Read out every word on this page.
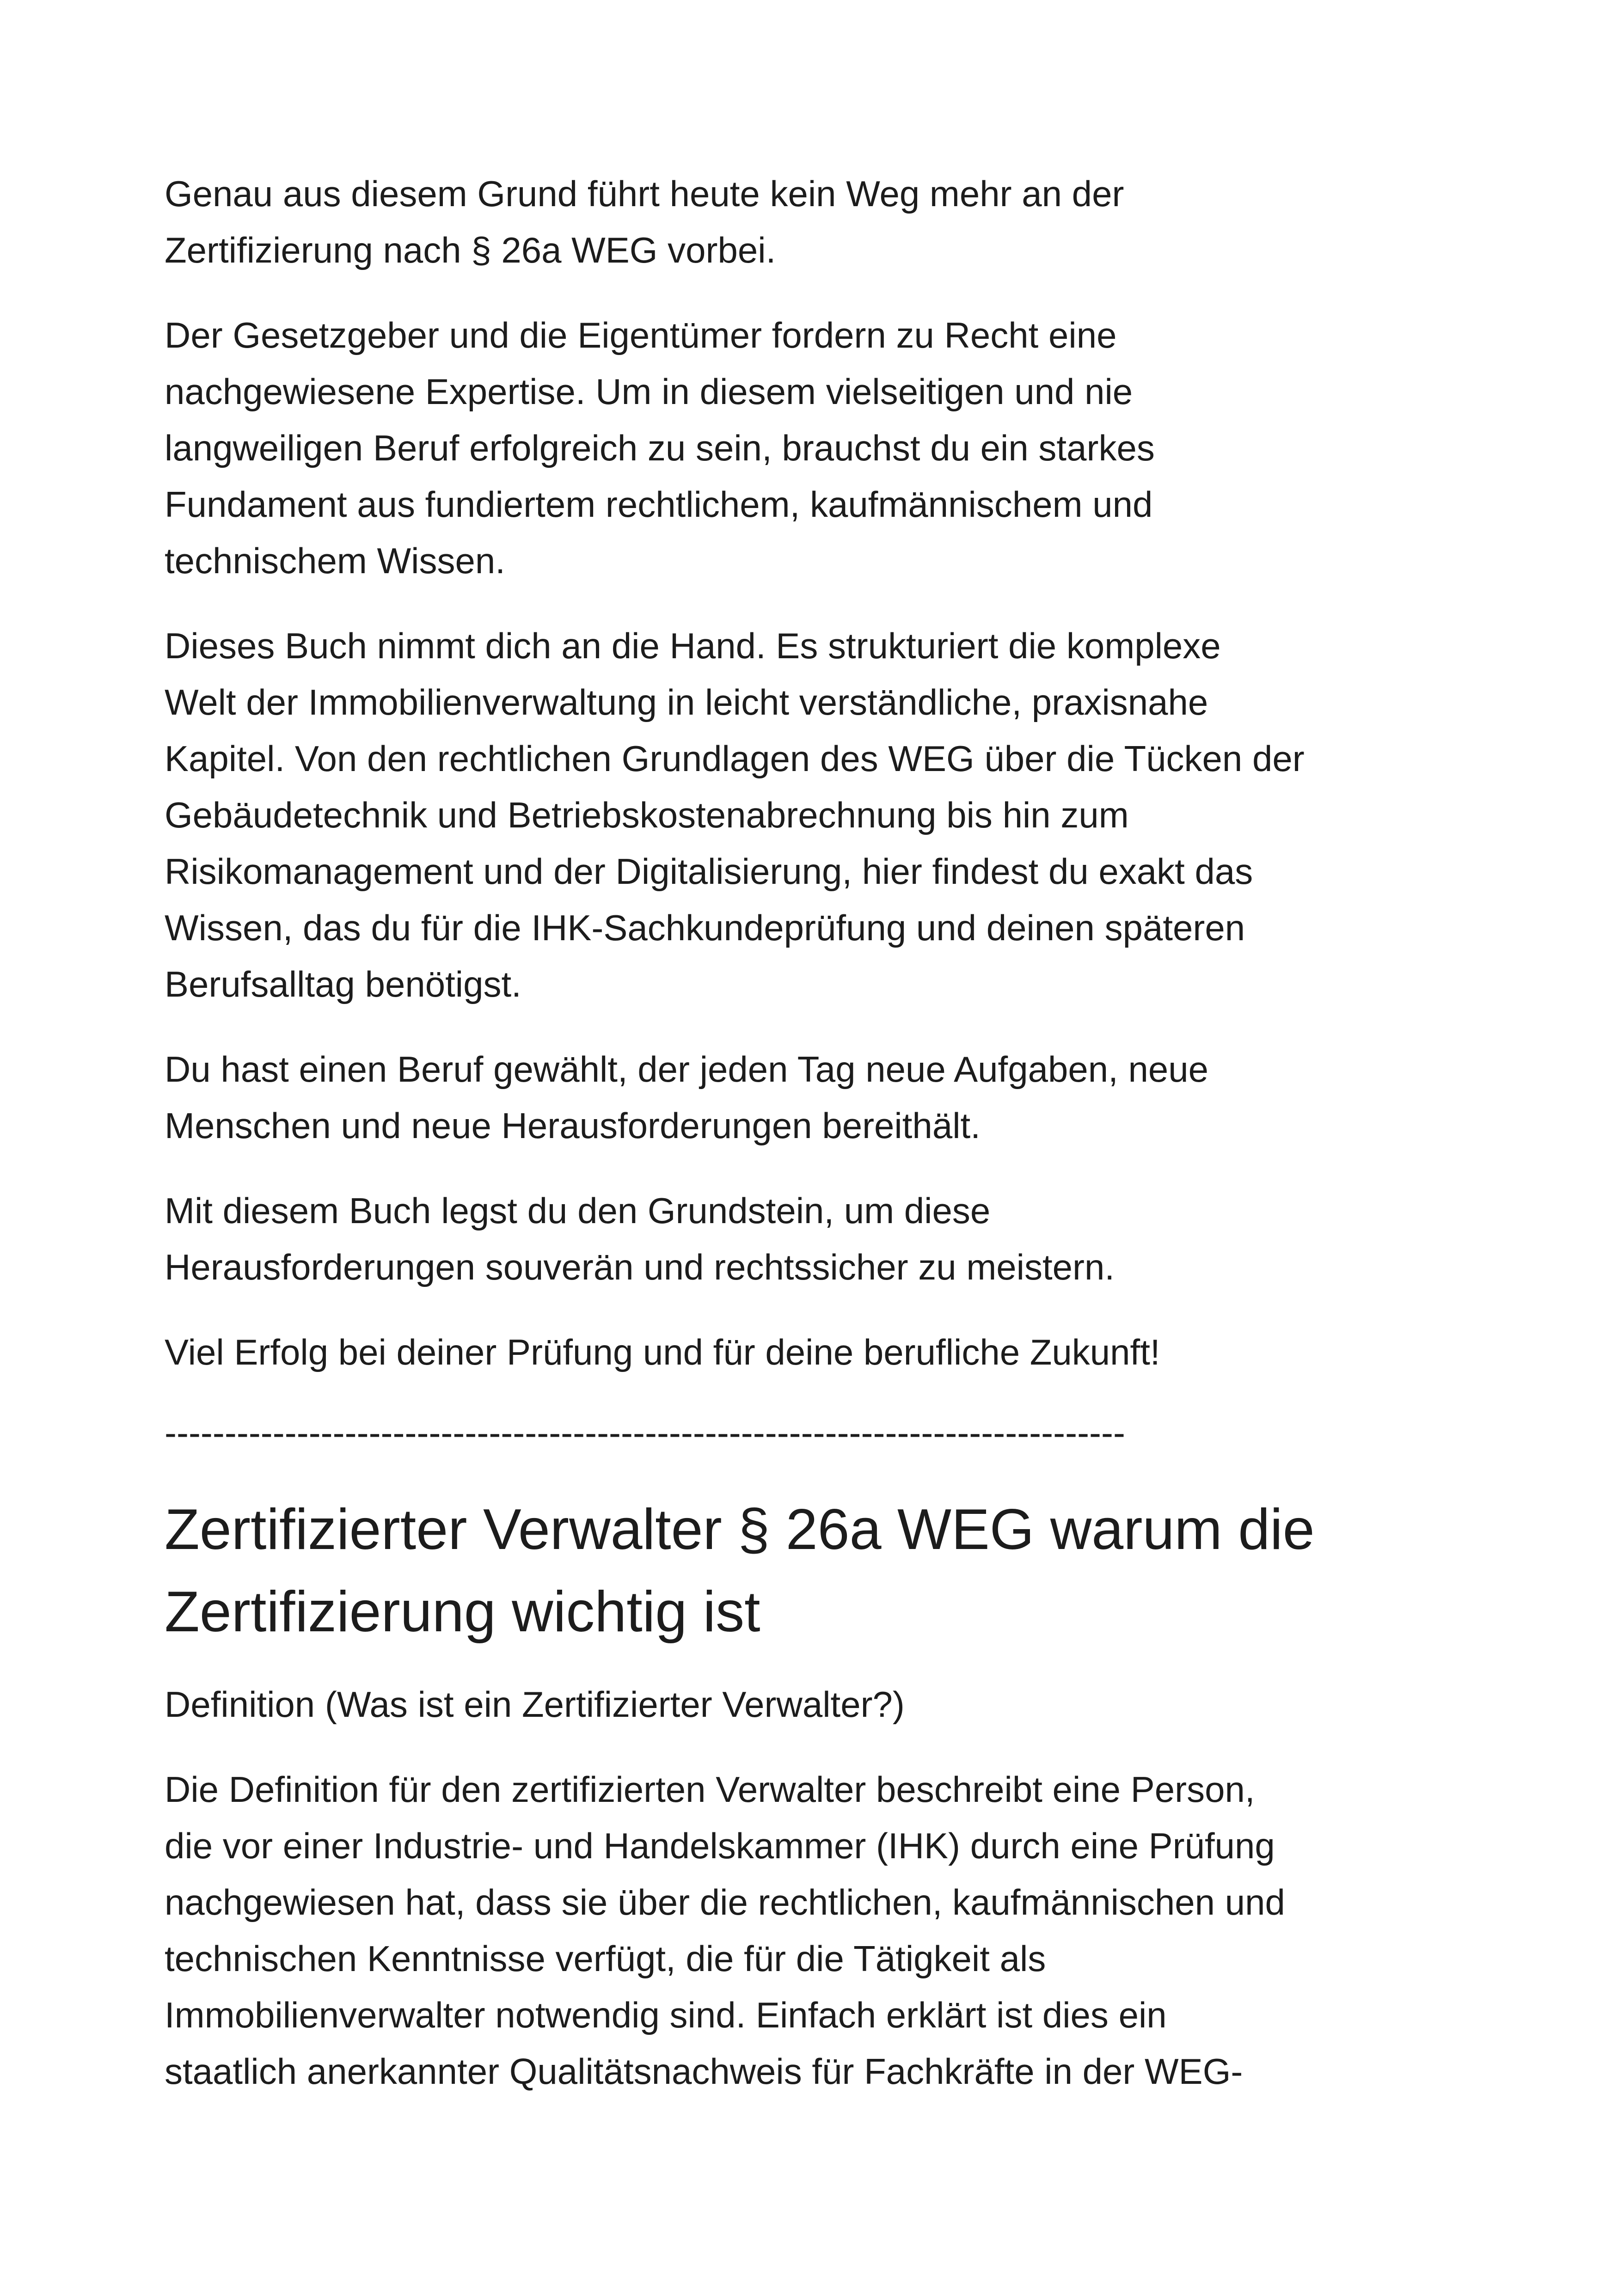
Genau aus diesem Grund führt heute kein Weg mehr an der
Zertifizierung nach § 26a WEG vorbei.
Der Gesetzgeber und die Eigentümer fordern zu Recht eine
nachgewiesene Expertise. Um in diesem vielseitigen und nie
langweiligen Beruf erfolgreich zu sein, brauchst du ein starkes
Fundament aus fundiertem rechtlichem, kaufmännischem und
technischem Wissen.
Dieses Buch nimmt dich an die Hand. Es strukturiert die komplexe
Welt der Immobilienverwaltung in leicht verständliche, praxisnahe
Kapitel. Von den rechtlichen Grundlagen des WEG über die Tücken der
Gebäudetechnik und Betriebskostenabrechnung bis hin zum
Risikomanagement und der Digitalisierung, hier findest du exakt das
Wissen, das du für die IHK-Sachkundeprüfung und deinen späteren
Berufsalltag benötigst.
Du hast einen Beruf gewählt, der jeden Tag neue Aufgaben, neue
Menschen und neue Herausforderungen bereithält.
Mit diesem Buch legst du den Grundstein, um diese
Herausforderungen souverän und rechtssicher zu meistern.
Viel Erfolg bei deiner Prüfung und für deine berufliche Zukunft!
--------------------------------------------------------------------------------
Zertifizierter Verwalter § 26a WEG warum die
Zertifizierung wichtig ist
Definition (Was ist ein Zertifizierter Verwalter?)
Die Definition für den zertifizierten Verwalter beschreibt eine Person,
die vor einer Industrie- und Handelskammer (IHK) durch eine Prüfung
nachgewiesen hat, dass sie über die rechtlichen, kaufmännischen und
technischen Kenntnisse verfügt, die für die Tätigkeit als
Immobilienverwalter notwendig sind. Einfach erklärt ist dies ein
staatlich anerkannter Qualitätsnachweis für Fachkräfte in der WEG-
